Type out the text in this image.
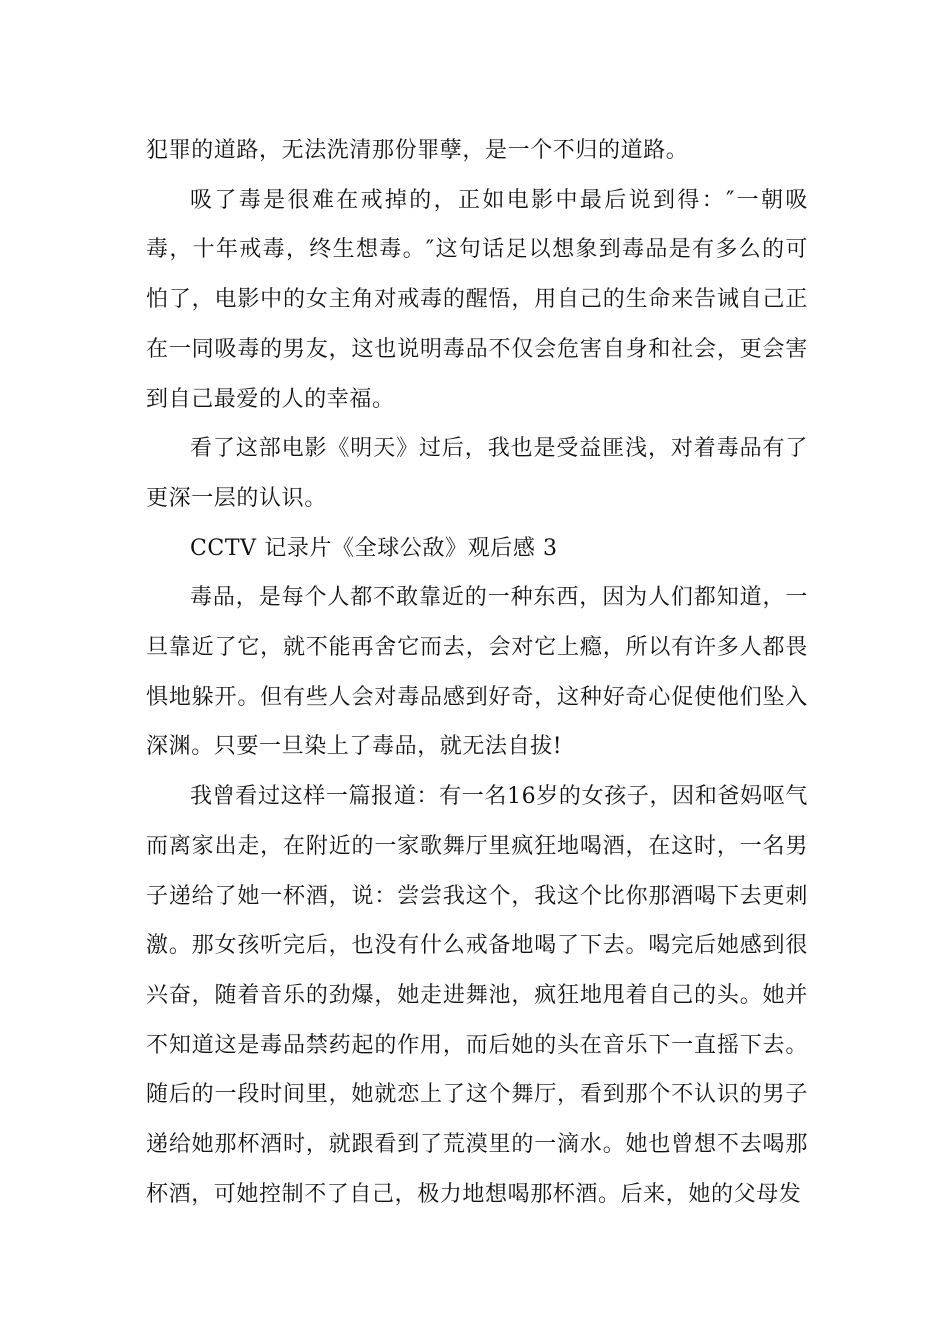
犯罪的道路，无法洗清那份罪孽，是一个不归的道路。

吸了毒是很难在戒掉的，正如电影中最后说到得：″一朝吸毒，十年戒毒，终生想毒。″这句话足以想象到毒品是有多么的可怕了，电影中的女主角对戒毒的醒悟，用自己的生命来告诫自己正在一同吸毒的男友，这也说明毒品不仅会危害自身和社会，更会害到自己最爱的人的幸福。

看了这部电影《明天》过后，我也是受益匪浅，对着毒品有了更深一层的认识。

CCTV 记录片《全球公敌》观后感 3

毒品，是每个人都不敢靠近的一种东西，因为人们都知道，一旦靠近了它，就不能再舍它而去，会对它上瘾，所以有许多人都畏惧地躲开。但有些人会对毒品感到好奇，这种好奇心促使他们坠入深渊。只要一旦染上了毒品，就无法自拔!

我曾看过这样一篇报道：有一名16岁的女孩子，因和爸妈呕气而离家出走，在附近的一家歌舞厅里疯狂地喝酒，在这时，一名男子递给了她一杯酒，说：尝尝我这个，我这个比你那酒喝下去更刺激。那女孩听完后，也没有什么戒备地喝了下去。喝完后她感到很兴奋，随着音乐的劲爆，她走进舞池，疯狂地甩着自己的头。她并不知道这是毒品禁药起的作用，而后她的头在音乐下一直摇下去。随后的一段时间里，她就恋上了这个舞厅，看到那个不认识的男子递给她那杯酒时，就跟看到了荒漠里的一滴水。她也曾想不去喝那杯酒，可她控制不了自己，极力地想喝那杯酒。后来，她的父母发
